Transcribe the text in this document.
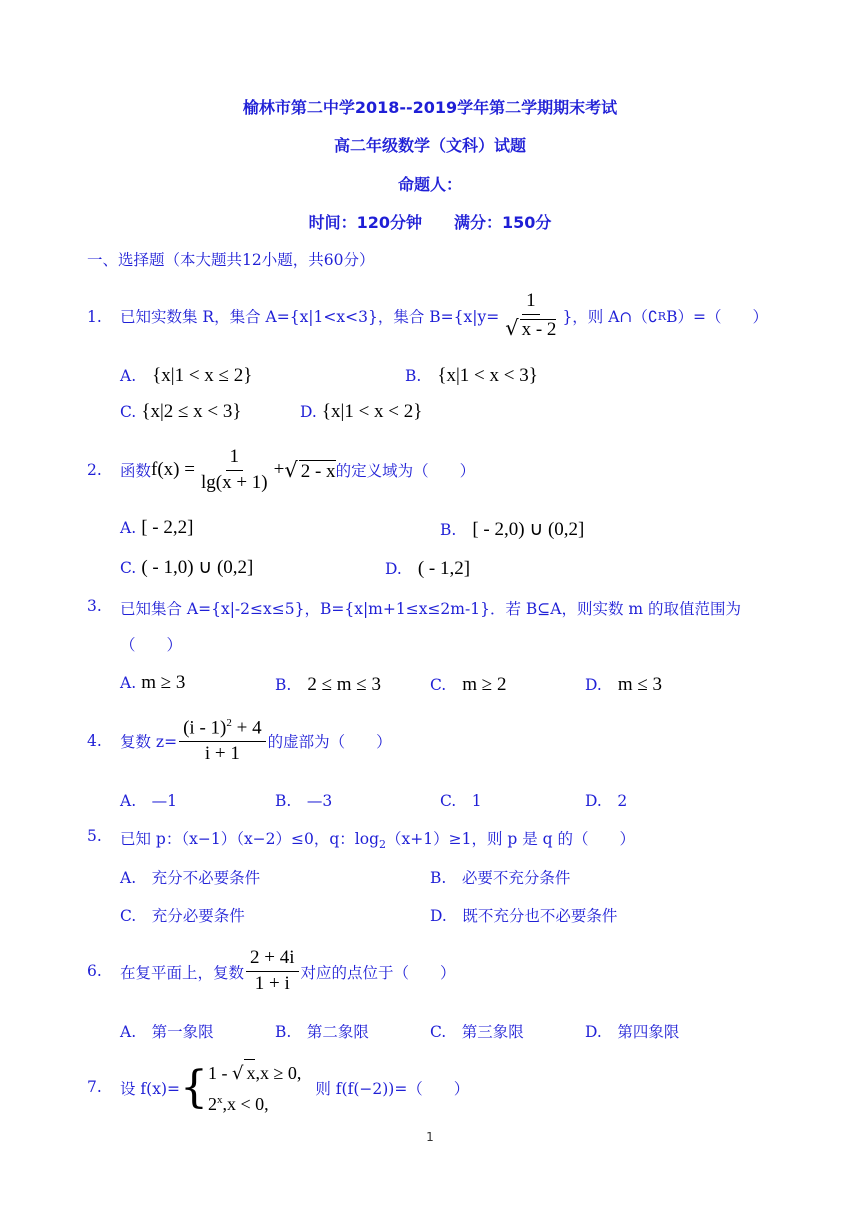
榆林市第二中学2018--2019学年第二学期期末考试
高二年级数学（文科）试题
命题人：
时间：120分钟　　满分：150分
一、选择题（本大题共12小题，共60分）
1. 已知实数集 R，集合 A={x|1<x<3}，集合 $B=\{x|y= \frac{1}{√ x - 2}$ }，则 A∩（∁ R B）=（　　）
A.　 {x|1 < x ≤ 2}	B.　 {x|1 < x < 3}
C. {x|2 ≤ x < 3}	D. {x|1 < x < 2}
2. 函数 $f(x) = \frac{1}{\lg(x + 1)}$ + √ 2 - x 的定义域为（　　）
A. [ - 2,2]	B.　 [ - 2,0) ∪ (0,2]
C. ( - 1,0) ∪ (0,2]	D.　 ( - 1,2]
3. 已知集合 A={x|-2≤x≤5}，B={x|m+1≤x≤2m-1}．若 B⊆A，则实数 m 的取值范围为
（　　）
A. m ≥ 3	B.　 2 ≤ m ≤ 3	C.　 m ≥ 2	D.　 m ≤ 3
4. 复数 $z= \frac{(i - 1)^2 + 4}{i + 1}$ 的虚部为（　　）
A.　 —1	B.　 —3	C.　 1	D.　 2
5. 已知 p：（x−1）（x−2）≤0，q：$\log_2(x+1)\ge 1$，则 p 是 q 的（　　）
A.　 充分不必要条件	B.　 必要不充分条件
C.　 充分必要条件	D.　 既不充分也不必要条件
6. 在复平面上，复数 $\frac{2 + 4i}{1 + i}$ 对应的点位于（　　）
A.　 第一象限	B.　 第二象限	C.　 第三象限	D.　 第四象限
7. 设 f(x)= { 1 - √ x,x ≥ 0,
$2^x,x < 0$,
则 f(f(−2))=（　　）
1
